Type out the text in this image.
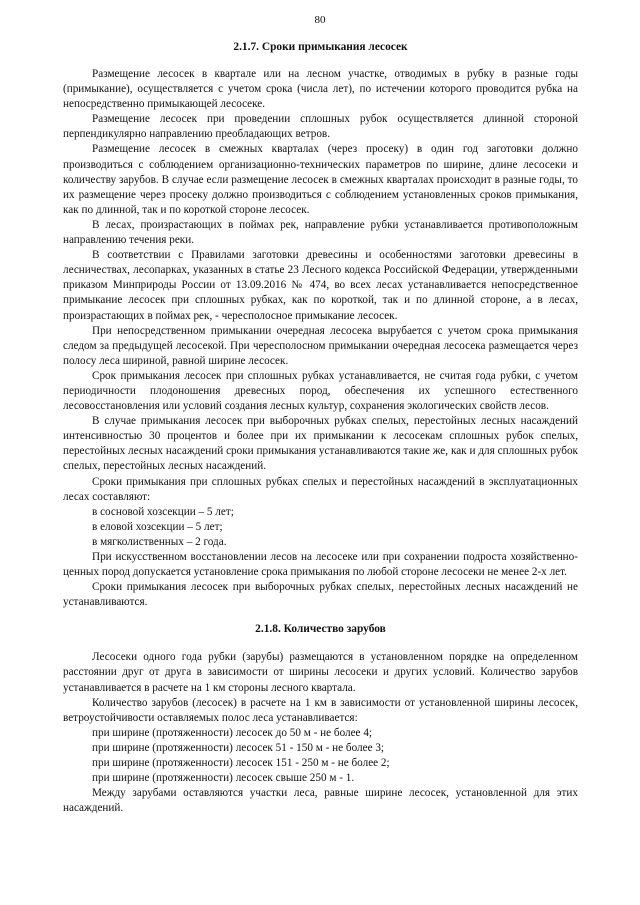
80
2.1.7. Сроки примыкания лесосек

Размещение лесосек в квартале или на лесном участке, отводимых в рубку в разные годы (примыкание), осуществляется с учетом срока (числа лет), по истечении которого проводится рубка на непосредственно примыкающей лесосеке.

Размещение лесосек при проведении сплошных рубок осуществляется длинной стороной перпендикулярно направлению преобладающих ветров.

Размещение лесосек в смежных кварталах (через просеку) в один год заготовки должно производиться с соблюдением организационно-технических параметров по ширине, длине лесосеки и количеству зарубов. В случае если размещение лесосек в смежных кварталах происходит в разные годы, то их размещение через просеку должно производиться с соблюдением установленных сроков примыкания, как по длинной, так и по короткой стороне лесосек.

В лесах, произрастающих в поймах рек, направление рубки устанавливается противоположным направлению течения реки.

В соответствии с Правилами заготовки древесины и особенностями заготовки древесины в лесничествах, лесопарках, указанных в статье 23 Лесного кодекса Российской Федерации, утвержденными приказом Минприроды России от 13.09.2016 № 474, во всех лесах устанавливается непосредственное примыкание лесосек при сплошных рубках, как по короткой, так и по длинной стороне, а в лесах, произрастающих в поймах рек, - чересполосное примыкание лесосек.

При непосредственном примыкании очередная лесосека вырубается с учетом срока примыкания следом за предыдущей лесосекой. При чересполосном примыкании очередная лесосека размещается через полосу леса шириной, равной ширине лесосек.

Срок примыкания лесосек при сплошных рубках устанавливается, не считая года рубки, с учетом периодичности плодоношения древесных пород, обеспечения их успешного естественного лесовосстановления или условий создания лесных культур, сохранения экологических свойств лесов.

В случае примыкания лесосек при выборочных рубках спелых, перестойных лесных насаждений интенсивностью 30 процентов и более при их примыкании к лесосекам сплошных рубок спелых, перестойных лесных насаждений сроки примыкания устанавливаются такие же, как и для сплошных рубок спелых, перестойных лесных насаждений.

Сроки примыкания при сплошных рубках спелых и перестойных насаждений в эксплуатационных лесах составляют:

в сосновой хозсекции – 5 лет;

в еловой хозсекции – 5 лет;

в мягколиственных – 2 года.

При искусственном восстановлении лесов на лесосеке или при сохранении подроста хозяйственно-ценных пород допускается установление срока примыкания по любой стороне лесосеки не менее 2-х лет.

Сроки примыкания лесосек при выборочных рубках спелых, перестойных лесных насаждений не устанавливаются.

2.1.8. Количество зарубов

Лесосеки одного года рубки (зарубы) размещаются в установленном порядке на определенном расстоянии друг от друга в зависимости от ширины лесосеки и других условий. Количество зарубов устанавливается в расчете на 1 км стороны лесного квартала.

Количество зарубов (лесосек) в расчете на 1 км в зависимости от установленной ширины лесосек, ветроустойчивости оставляемых полос леса устанавливается:

при ширине (протяженности) лесосек до 50 м - не более 4;

при ширине (протяженности) лесосек 51 - 150 м - не более 3;

при ширине (протяженности) лесосек 151 - 250 м - не более 2;

при ширине (протяженности) лесосек свыше 250 м - 1.

Между зарубами оставляются участки леса, равные ширине лесосек, установленной для этих насаждений.
